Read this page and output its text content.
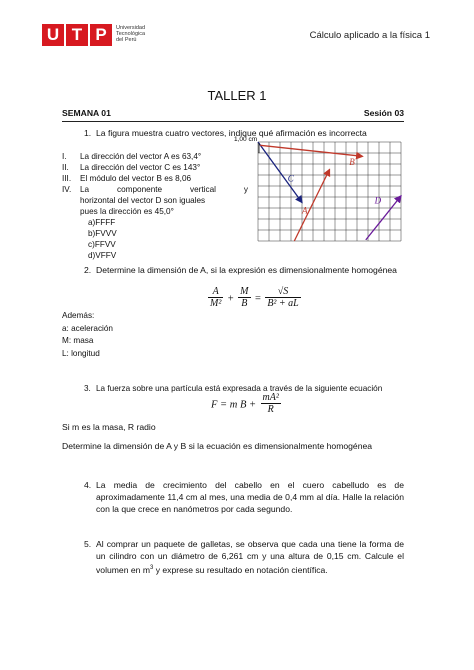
U T P	Universidad
Tecnológica
del Perú	Cálculo aplicado a la física 1
TALLER 1
SEMANA 01	Sesión 03
1. La figura muestra cuatro vectores, indique qué afirmación es incorrecta
I. La dirección del vector A es 63,4°
II. La dirección del vector C es 143°
III. El módulo del vector B es 8,06
IV. La componente vertical y
horizontal del vector D son iguales
pues la dirección es 45,0°
a)FFFF
b)FVVV
c)FFVV
d)VFFV
1,00 cm
C
B
A
D
2. Determine la dimensión de A, si la expresión es dimensionalmente homogénea
$\frac{A}{\text{M²}} + \frac{M}{B} = \frac{√S}{\text{B² + aL}}$
Además:
a: aceleración
M: masa
L: longitud
3. La fuerza sobre una partícula está expresada a través de la siguiente ecuación
F = m $B + \frac{\text{mA²}}{R}$
Si m es la masa, R radio
Determine la dimensión de A y B si la ecuación es dimensionalmente homogénea
4. La media de crecimiento del cabello en el cuero cabelludo es de
aproximadamente 11,4 cm al mes, una media de 0,4 mm al día. Halle la relación
con la que crece en nanómetros por cada segundo.
5. Al comprar un paquete de galletas, se observa que cada una tiene la forma de
un cilindro con un diámetro de 6,261 cm y una altura de 0,15 cm. Calcule el
volumen en $m^3$ y exprese su resultado en notación científica.
